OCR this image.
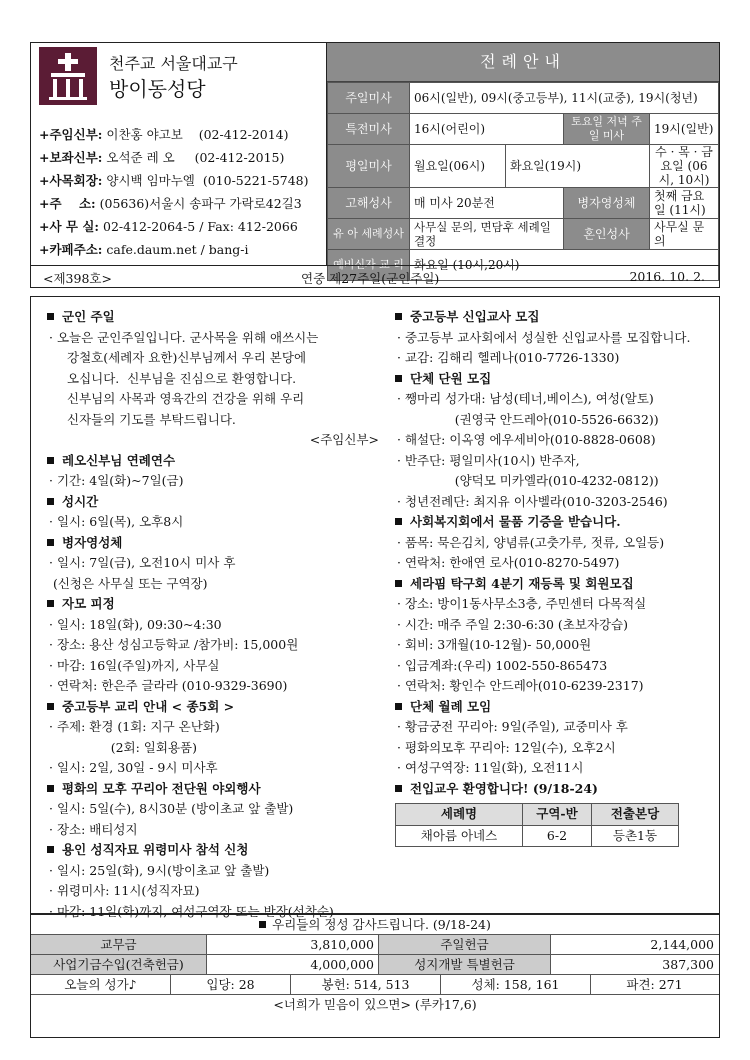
천주교 서울대교구
방이동성당
+주임신부: 이찬홍 야고보 (02-412-2014)
+보좌신부: 오석준 레 오 (02-412-2015)
+사목회장: 양시백 임마누엘 (010-5221-5748)
+주    소: (05636)서울시 송파구 가락로42길3
+사 무 실: 02-412-2064-5 / Fax: 412-2066
+카페주소: cafe.daum.net / bang-i
전례안내
주일미사	06시(일반), 09시(중고등부), 11시(교중), 19시(청년)			
특전미사	16시(어린이)		토요일 저녁 주일 미사	19시(일반)
평일미사	월요일(06시)	화요일(19시)		수 · 목 · 금요일 (06시, 10시)
고해성사	매 미사 20분전		병자영성체	첫째 금요일 (11시)
유 아 세례성사	사무실 문의, 면담후 세례일 결정		혼인성사	사무실 문의
예비신자 교 리	화요일 (10시,20시)			
<제398호>	연중 제27주일(군인주일)	2016. 10. 2.
군인 주일
· 오늘은 군인주일입니다. 군사목을 위해 애쓰시는
강철호(세례자 요한)신부님께서 우리 본당에
오십니다.  신부님을 진심으로 환영합니다.
신부님의 사목과 영육간의 건강을 위해 우리
신자들의 기도를 부탁드립니다.
<주임신부>
레오신부님 연례연수
· 기간: 4일(화)~7일(금)
성시간
· 일시: 6일(목), 오후8시
병자영성체
· 일시: 7일(금), 오전10시 미사 후
(신청은 사무실 또는 구역장)
자모 피정
· 일시: 18일(화), 09:30~4:30
· 장소: 용산 성심고등학교 /참가비: 15,000원
· 마감: 16일(주일)까지, 사무실
· 연락처: 한은주 글라라 (010-9329-3690)
중고등부 교리 안내 < 종5회 >
· 주제: 환경 (1회: 지구 온난화)
(2회: 일회용품)
· 일시: 2일, 30일 - 9시 미사후
평화의 모후 꾸리아 전단원 야외행사
· 일시: 5일(수), 8시30분 (방이초교 앞 출발)
· 장소: 배티성지
용인 성직자묘 위령미사 참석 신청
· 일시: 25일(화), 9시(방이초교 앞 출발)
· 위령미사: 11시(성직자묘)
· 마감: 11일(화)까지, 여성구역장 또는 반장(선착순)
중고등부 신입교사 모집
· 중고등부 교사회에서 성실한 신입교사를 모집합니다.
· 교감: 김해리 헬레나(010-7726-1330)
단체 단원 모집
· 쨍마리 성가대: 남성(테너,베이스), 여성(알토)
(권영국 안드레아(010-5526-6632))
· 해설단: 이옥영 에우세비아(010-8828-0608)
· 반주단: 평일미사(10시) 반주자,
(양덕모 미카엘라(010-4232-0812))
· 청년전례단: 최지유 이사벨라(010-3203-2546)
사회복지회에서 물품 기증을 받습니다.
· 품목: 묵은김치, 양념류(고춧가루, 젓류, 오일등)
· 연락처: 한애연 로사(010-8270-5497)
세라핌 탁구회 4분기 재등록 및 회원모집
· 장소: 방이1동사무소3층, 주민센터 다목적실
· 시간: 매주 주일 2:30-6:30 (초보자강습)
· 회비: 3개월(10-12월)- 50,000원
· 입금계좌:(우리) 1002-550-865473
· 연락처: 황인수 안드레아(010-6239-2317)
단체 월례 모임
· 황금궁전 꾸리아: 9일(주일), 교중미사 후
· 평화의모후 꾸리아: 12일(수), 오후2시
· 여성구역장: 11일(화), 오전11시
전입교우 환영합니다! (9/18-24)
세례명	구역-반	전출본당
채아름 아네스	6-2	등촌1동
우리들의 정성 감사드립니다. (9/18-24)
교무금	3,810,000	주일헌금	2,144,000
사업기금수입(건축헌금)	4,000,000	성지개발 특별헌금	387,300
오늘의 성가♪	입당: 28	봉헌: 514, 513	성체: 158, 161	파견: 271
<너희가 믿음이 있으면> (루카17,6)
